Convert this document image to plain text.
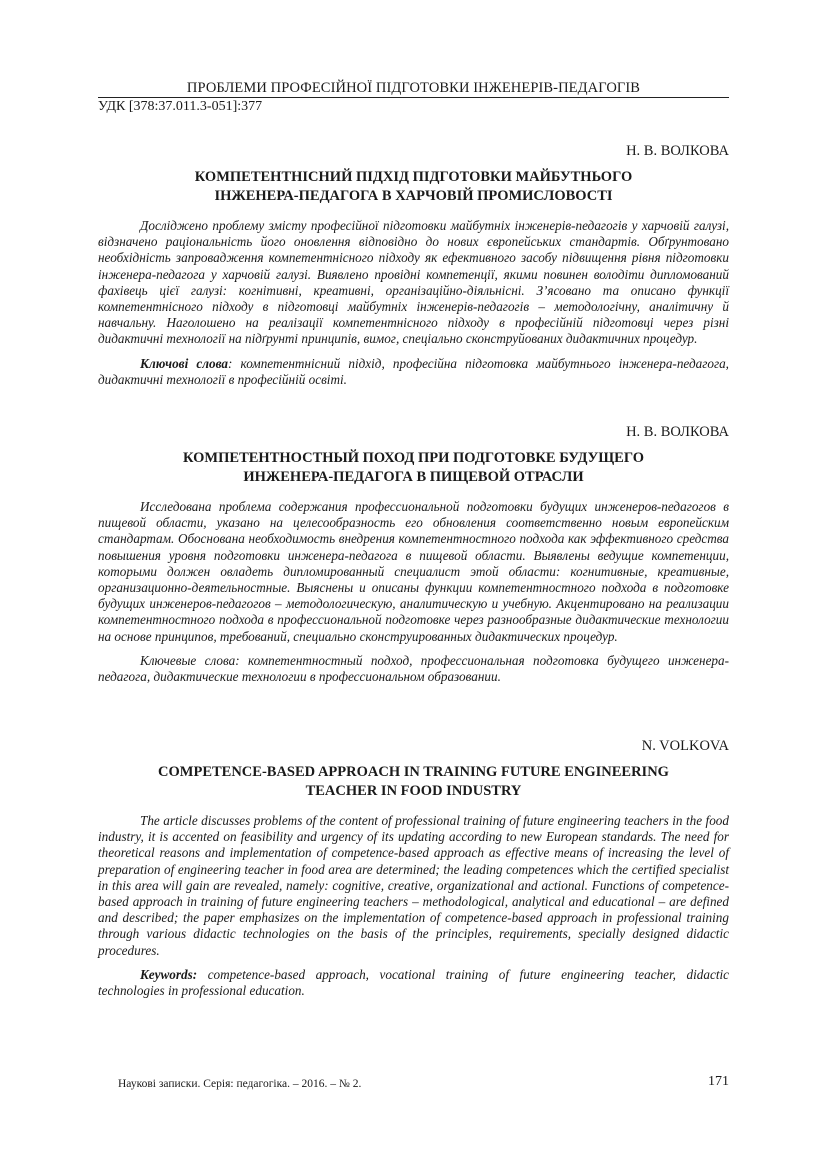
ПРОБЛЕМИ ПРОФЕСІЙНОЇ ПІДГОТОВКИ ІНЖЕНЕРІВ-ПЕДАГОГІВ
УДК [378:37.011.3-051]:377

Н. В. ВОЛКОВА

КОМПЕТЕНТНІСНИЙ ПІДХІД ПІДГОТОВКИ МАЙБУТНЬОГО
ІНЖЕНЕРА-ПЕДАГОГА В ХАРЧОВІЙ ПРОМИСЛОВОСТІ

Досліджено проблему змісту професійної підготовки майбутніх інженерів-педагогів у харчовій галузі, відзначено раціональність його оновлення відповідно до нових європейських стандартів. Обґрунтовано необхідність запровадження компетентнісного підходу як ефективного засобу підвищення рівня підготовки інженера-педагога у харчовій галузі. Виявлено провідні компетенції, якими повинен володіти дипломований фахівець цієї галузі: когнітивні, креативні, організаційно-діяльнісні. З’ясовано та описано функції компетентнісного підходу в підготовці майбутніх інженерів-педагогів – методологічну, аналітичну й навчальну. Наголошено на реалізації компетентнісного підходу в професійній підготовці через різні дидактичні технології на підґрунті принципів, вимог, спеціально сконструйованих дидактичних процедур.

Ключові слова: компетентнісний підхід, професійна підготовка майбутнього інженера-педагога, дидактичні технології в професійній освіті.

Н. В. ВОЛКОВА

КОМПЕТЕНТНОСТНЫЙ ПОХОД ПРИ ПОДГОТОВКЕ БУДУЩЕГО
ИНЖЕНЕРА-ПЕДАГОГА В ПИЩЕВОЙ ОТРАСЛИ

Исследована проблема содержания профессиональной подготовки будущих инженеров-педагогов в пищевой области, указано на целесообразность его обновления соответственно новым европейским стандартам. Обоснована необходимость внедрения компетентностного подхода как эффективного средства повышения уровня подготовки инженера-педагога в пищевой области. Выявлены ведущие компетенции, которыми должен овладеть дипломированный специалист этой области: когнитивные, креативные, организационно-деятельностные. Выяснены и описаны функции компетентностного подхода в подготовке будущих инженеров-педагогов – методологическую, аналитическую и учебную. Акцентировано на реализации компетентностного подхода в профессиональной подготовке через разнообразные дидактические технологии на основе принципов, требований, специально сконструированных дидактических процедур.

Ключевые слова: компетентностный подход, профессиональная подготовка будущего инженера-педагога, дидактические технологии в профессиональном образовании.

N. VOLKOVA

COMPETENCE-BASED APPROACH IN TRAINING FUTURE ENGINEERING
TEACHER IN FOOD INDUSTRY

The article discusses problems of the content of professional training of future engineering teachers in the food industry, it is accented on feasibility and urgency of its updating according to new European standards. The need for theoretical reasons and implementation of competence-based approach as effective means of increasing the level of preparation of engineering teacher in food area are determined; the leading competences which the certified specialist in this area will gain are revealed, namely: cognitive, creative, organizational and actional. Functions of competence-based approach in training of future engineering teachers – methodological, analytical and educational – are defined and described; the paper emphasizes on the implementation of competence-based approach in professional training through various didactic technologies on the basis of the principles, requirements, specially designed didactic procedures.

Keywords: competence-based approach, vocational training of future engineering teacher, didactic technologies in professional education.

Наукові записки. Серія: педагогіка. – 2016. – № 2.	171
